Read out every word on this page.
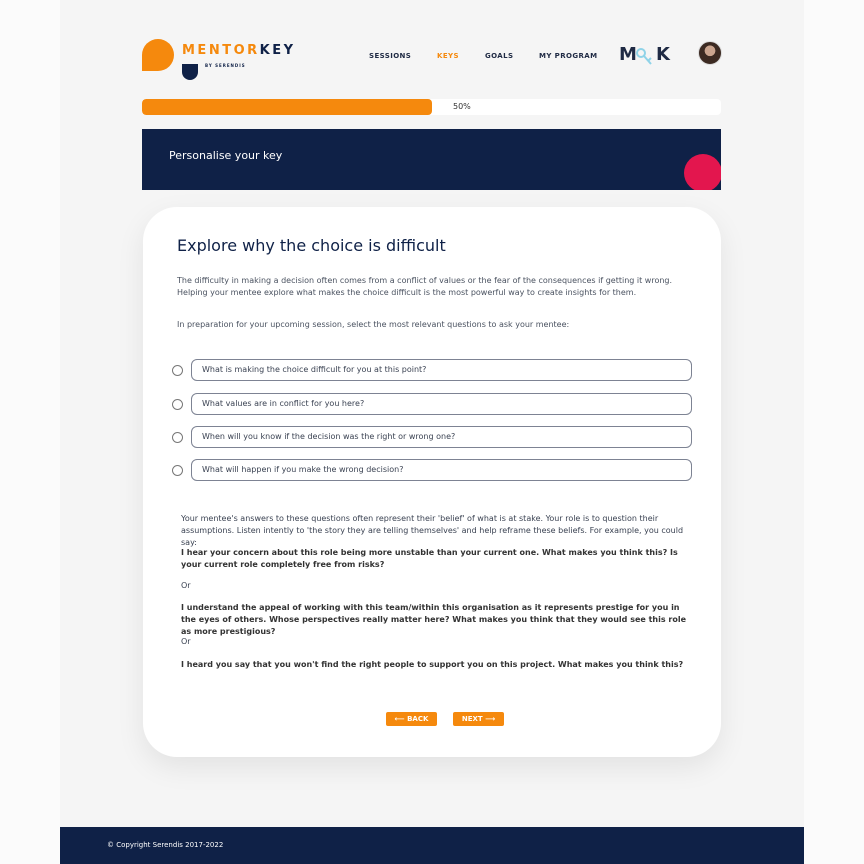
MENTORKEY
BY SERENDIS
SESSIONS	KEYS	GOALS	MY PROGRAM M K
50%
Personalise your key
Explore why the choice is difficult
The difficulty in making a decision often comes from a conflict of values or the fear of the consequences if getting it wrong. Helping your mentee explore what makes the choice difficult is the most powerful way to create insights for them.
In preparation for your upcoming session, select the most relevant questions to ask your mentee:
What is making the choice difficult for you at this point?
What values are in conflict for you here?
When will you know if the decision was the right or wrong one?
What will happen if you make the wrong decision?
Your mentee's answers to these questions often represent their 'belief' of what is at stake. Your role is to question their assumptions. Listen intently to 'the story they are telling themselves' and help reframe these beliefs. For example, you could say:
I hear your concern about this role being more unstable than your current one. What makes you think this? Is your current role completely free from risks?
Or
I understand the appeal of working with this team/within this organisation as it represents prestige for you in the eyes of others. Whose perspectives really matter here? What makes you think that they would see this role as more prestigious?
Or
I heard you say that you won't find the right people to support you on this project. What makes you think this?
⟵ BACK	NEXT ⟶
© Copyright Serendis 2017-2022
